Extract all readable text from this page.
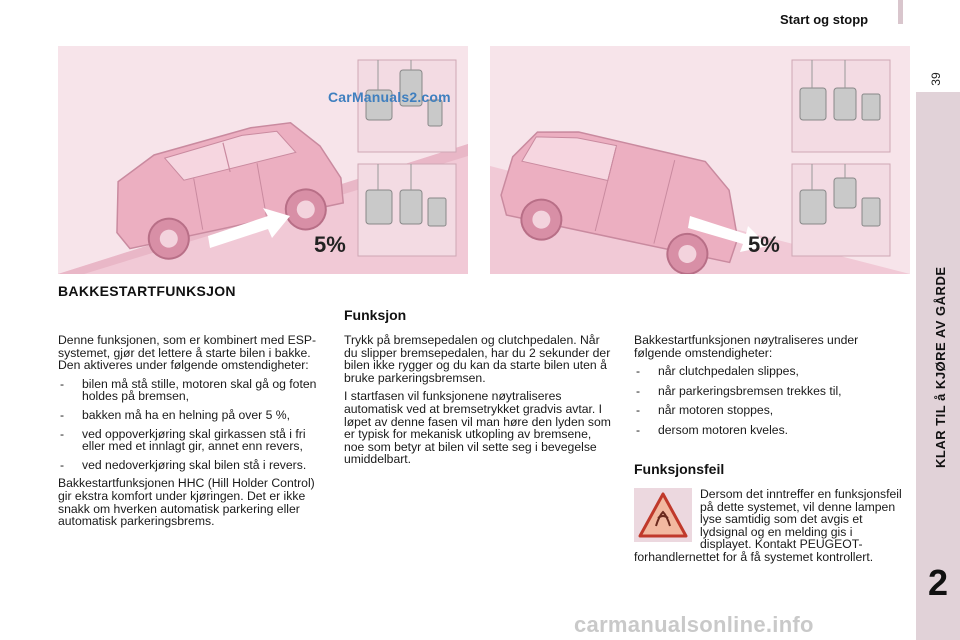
Start og stopp
39
KLAR TIL å KJØRE AV GÅRDE
2
5%	5%
CarManuals2.com
BAKKESTARTFUNKSJON

Denne funksjonen, som er kombinert med ESP-systemet, gjør det lettere å starte bilen i bakke. Den aktiveres under følgende omstendigheter:

- bilen må stå stille, motoren skal gå og foten holdes på bremsen,
- bakken må ha en helning på over 5 %,
- ved oppoverkjøring skal girkassen stå i fri eller med et innlagt gir, annet enn revers,
- ved nedoverkjøring skal bilen stå i revers.

Bakkestartfunksjonen HHC (Hill Holder Control) gir ekstra komfort under kjøringen. Det er ikke snakk om hverken automatisk parkering eller automatisk parkeringsbrems.

Funksjon

Trykk på bremsepedalen og clutchpedalen. Når du slipper bremsepedalen, har du 2 sekunder der bilen ikke rygger og du kan da starte bilen uten å bruke parkeringsbremsen.

I startfasen vil funksjonene nøytraliseres automatisk ved at bremsetrykket gradvis avtar. I løpet av denne fasen vil man høre den lyden som er typisk for mekanisk utkopling av bremsene, noe som betyr at bilen vil sette seg i bevegelse umiddelbart.

Bakkestartfunksjonen nøytraliseres under følgende omstendigheter:

- når clutchpedalen slippes,
- når parkeringsbremsen trekkes til,
- når motoren stoppes,
- dersom motoren kveles.
Funksjonsfeil
Dersom det inntreffer en funksjonsfeil på dette systemet, vil denne lampen lyse samtidig som det avgis et lydsignal og en melding gis i displayet. Kontakt PEUGEOT-forhandlernettet for å få systemet kontrollert.
carmanualsonline.info
